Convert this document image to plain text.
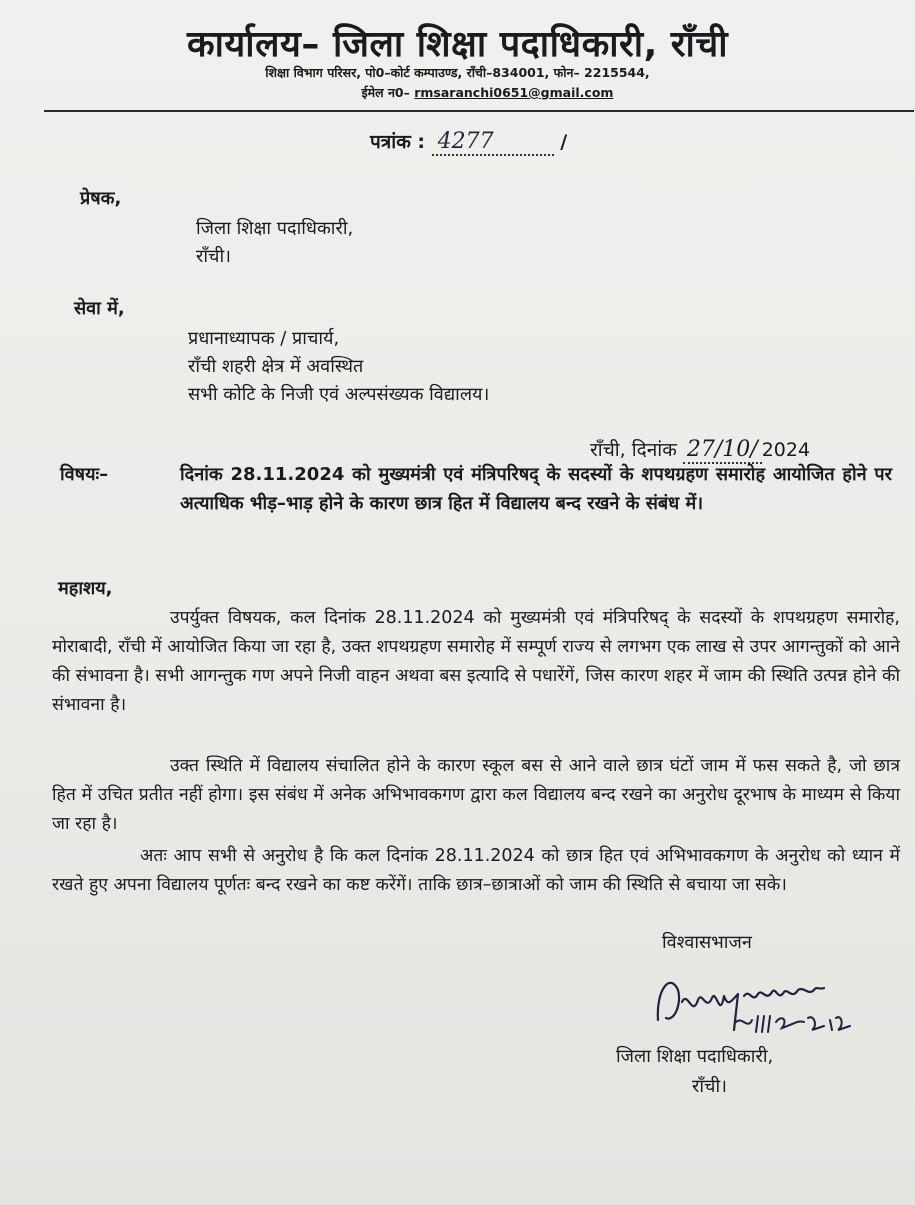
कार्यालय– जिला शिक्षा पदाधिकारी, राँची
शिक्षा विभाग परिसर, पो0–कोर्ट कम्पाउण्ड, राँची–834001, फोन– 2215544,
ईमेल न0– rmsaranchi0651@gmail.com
पत्रांक : 4277	/
प्रेषक,
जिला शिक्षा पदाधिकारी,
राँची।
सेवा में,
प्रधानाध्यापक / प्राचार्य,
राँची शहरी क्षेत्र में अवस्थित
सभी कोटि के निजी एवं अल्पसंख्यक विद्यालय।
राँची, दिनांक 27/10/ 2024
विषयः–	दिनांक 28.11.2024 को मुख्यमंत्री एवं मंत्रिपरिषद् के सदस्यों के शपथग्रहण समारोह आयोजित होने पर अत्याधिक भीड़–भाड़ होने के कारण छात्र हित में विद्यालय बन्द रखने के संबंध में।
महाशय,
उपर्युक्त विषयक, कल दिनांक 28.11.2024 को मुख्यमंत्री एवं मंत्रिपरिषद् के सदस्यों के शपथग्रहण समारोह, मोराबादी, राँची में आयोजित किया जा रहा है, उक्त शपथग्रहण समारोह में सम्पूर्ण राज्य से लगभग एक लाख से उपर आगन्तुकों को आने की संभावना है। सभी आगन्तुक गण अपने निजी वाहन अथवा बस इत्यादि से पधारेंगें, जिस कारण शहर में जाम की स्थिति उत्पन्न होने की संभावना है।
उक्त स्थिति में विद्यालय संचालित होने के कारण स्कूल बस से आने वाले छात्र घंटों जाम में फस सकते है, जो छात्र हित में उचित प्रतीत नहीं होगा। इस संबंध में अनेक अभिभावकगण द्वारा कल विद्यालय बन्द रखने का अनुरोध दूरभाष के माध्यम से किया जा रहा है।
अतः आप सभी से अनुरोध है कि कल दिनांक 28.11.2024 को छात्र हित एवं अभिभावकगण के अनुरोध को ध्यान में रखते हुए अपना विद्यालय पूर्णतः बन्द रखने का कष्ट करेंगें। ताकि छात्र–छात्राओं को जाम की स्थिति से बचाया जा सके।
विश्वासभाजन
जिला शिक्षा पदाधिकारी,
राँची।
